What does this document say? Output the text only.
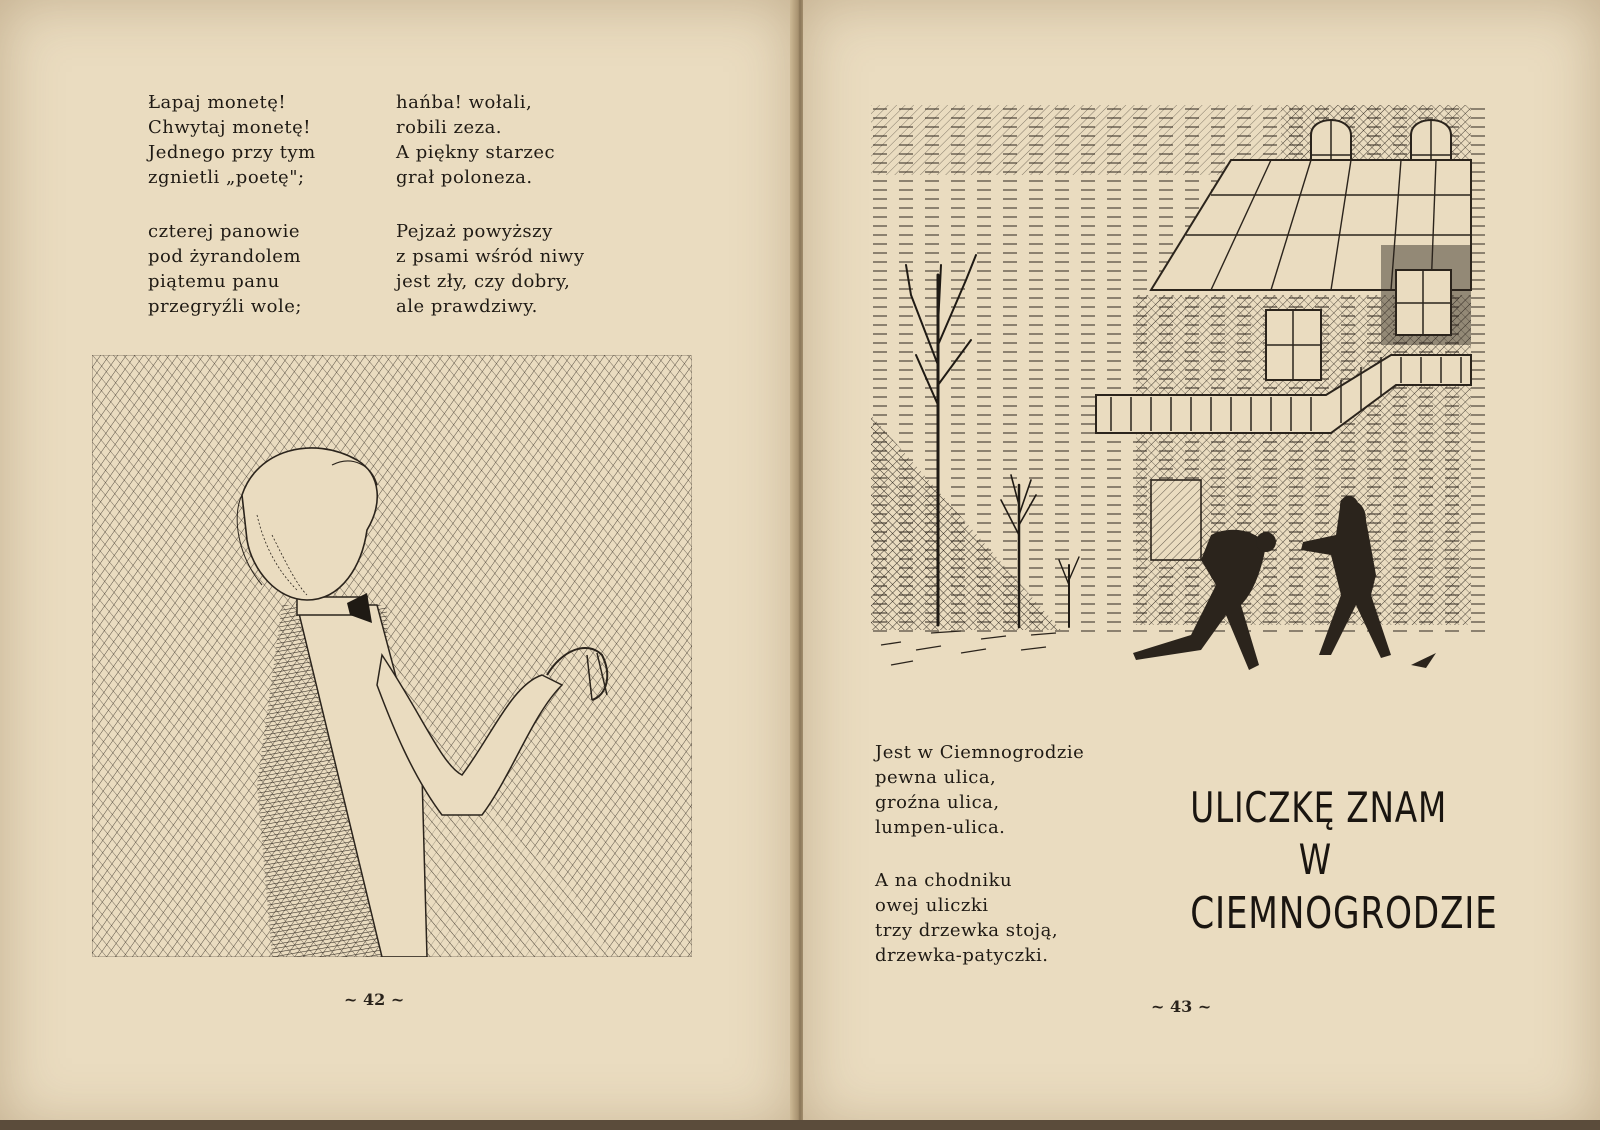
Łapaj monetę!
Chwytaj monetę!
Jednego przy tym
zgnietli „poetę";

hańba! wołali,
robili zeza.
A piękny starzec
grał poloneza.

czterej panowie
pod żyrandolem
piątemu panu
przegryźli wole;

Pejzaż powyższy
z psami wśród niwy
jest zły, czy dobry,
ale prawdziwy.

~ 42 ~

Jest w Ciemnogrodzie
pewna ulica,
groźna ulica,
lumpen-ulica.

A na chodniku
owej uliczki
trzy drzewka stoją,
drzewka-patyczki.

ULICZKĘ ZNAM
W
CIEMNOGRODZIE
~ 43 ~
